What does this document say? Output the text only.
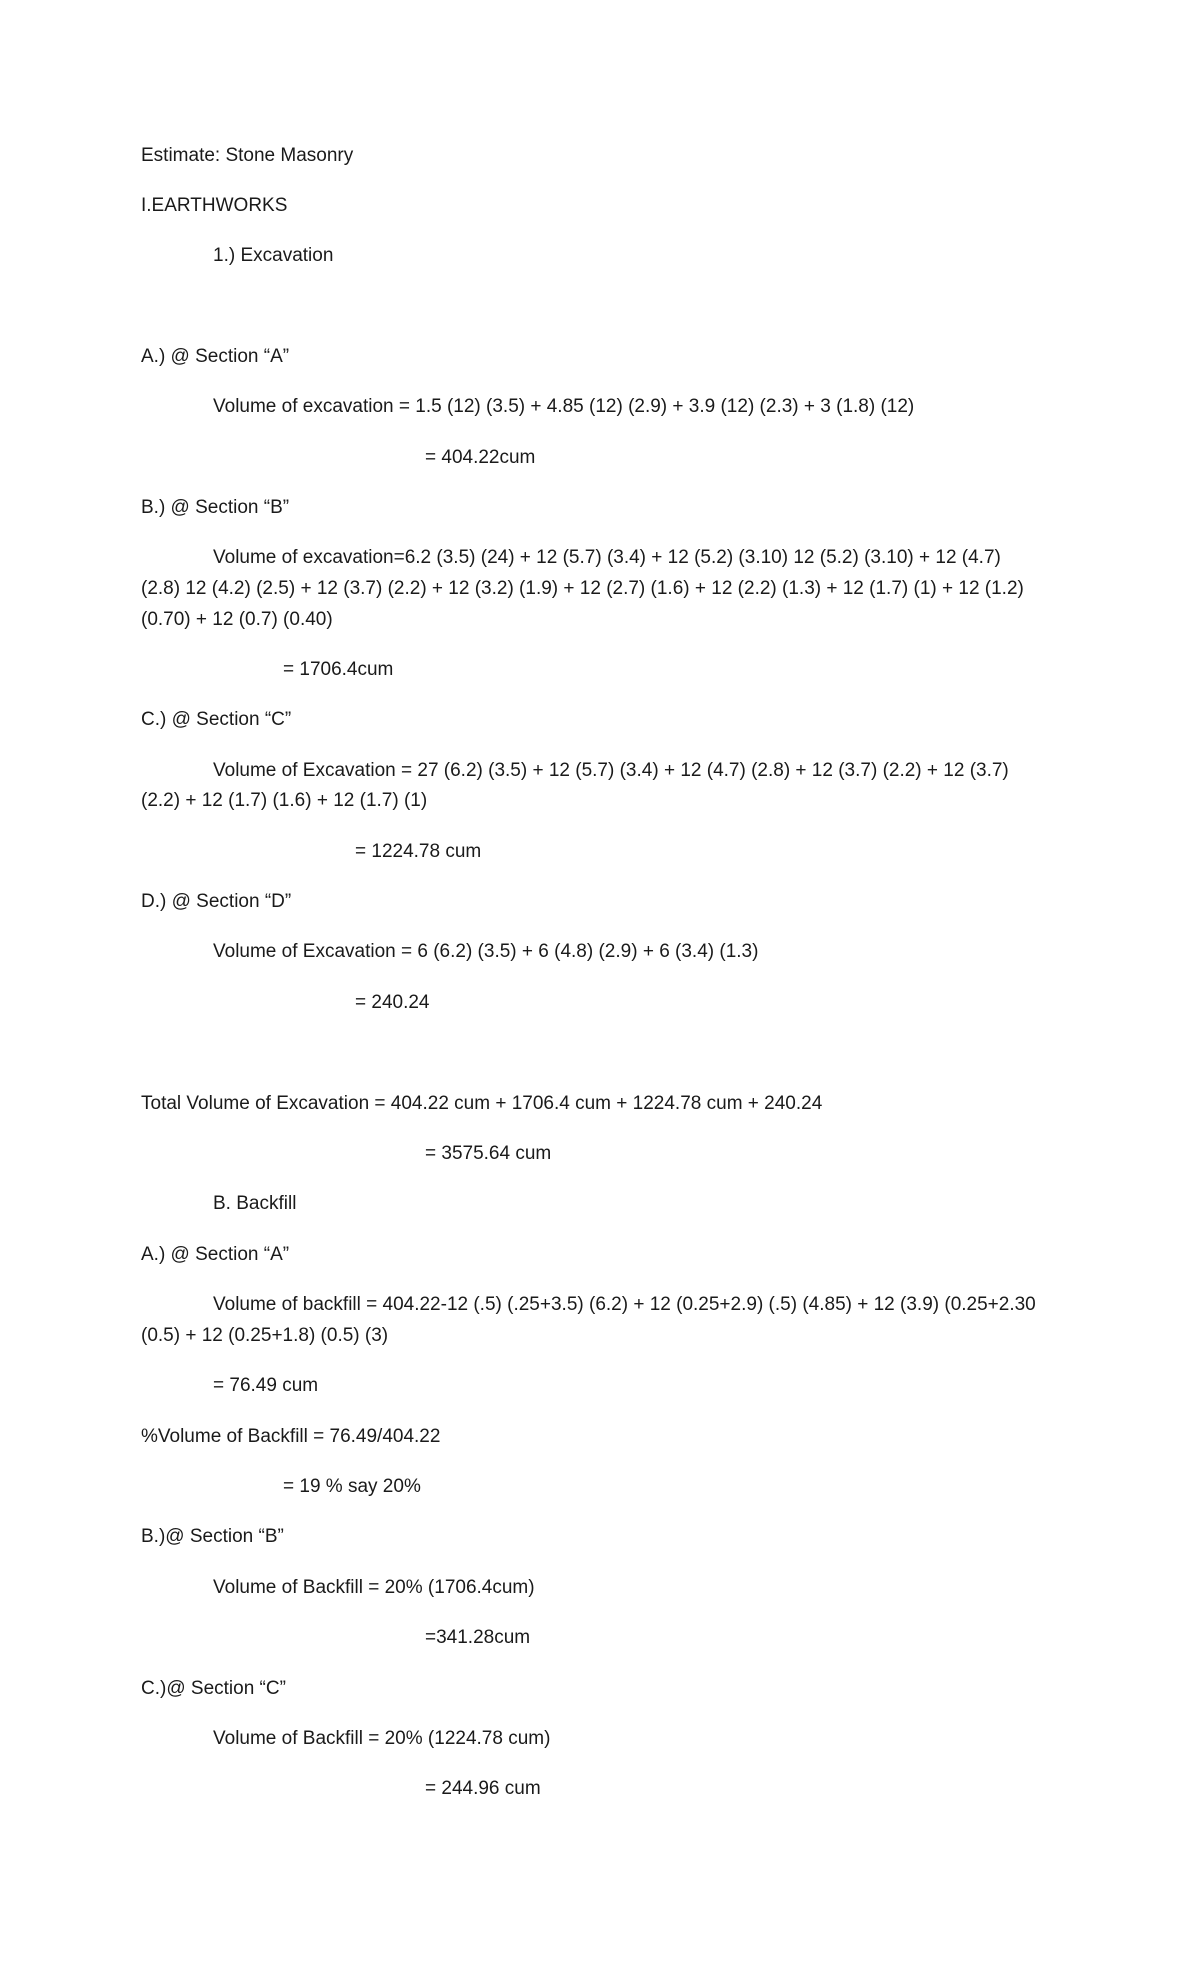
Estimate: Stone Masonry
I.EARTHWORKS
1.) Excavation
A.) @ Section “A”
Volume of excavation = 1.5 (12) (3.5) + 4.85 (12) (2.9) + 3.9 (12) (2.3) + 3 (1.8) (12)
= 404.22cum
B.) @ Section “B”
Volume of excavation=6.2 (3.5) (24) + 12 (5.7) (3.4) + 12 (5.2) (3.10) 12 (5.2) (3.10) + 12 (4.7)
(2.8) 12 (4.2) (2.5) + 12 (3.7) (2.2) + 12 (3.2) (1.9) + 12 (2.7) (1.6) + 12 (2.2) (1.3) + 12 (1.7) (1) + 12 (1.2)
(0.70) + 12 (0.7) (0.40)
= 1706.4cum
C.) @ Section “C”
Volume of Excavation = 27 (6.2) (3.5) + 12 (5.7) (3.4) + 12 (4.7) (2.8) + 12 (3.7) (2.2) + 12 (3.7)
(2.2) + 12 (1.7) (1.6) + 12 (1.7) (1)
= 1224.78 cum
D.) @ Section “D”
Volume of Excavation = 6 (6.2) (3.5) + 6 (4.8) (2.9) + 6 (3.4) (1.3)
= 240.24
Total Volume of Excavation = 404.22 cum + 1706.4 cum + 1224.78 cum + 240.24
= 3575.64 cum
B. Backfill
A.) @ Section “A”
Volume of backfill = 404.22-12 (.5) (.25+3.5) (6.2) + 12 (0.25+2.9) (.5) (4.85) + 12 (3.9) (0.25+2.30
(0.5) + 12 (0.25+1.8) (0.5) (3)
= 76.49 cum
%Volume of Backfill = 76.49/404.22
= 19 % say 20%
B.)@ Section “B”
Volume of Backfill = 20% (1706.4cum)
=341.28cum
C.)@ Section “C”
Volume of Backfill = 20% (1224.78 cum)
= 244.96 cum
